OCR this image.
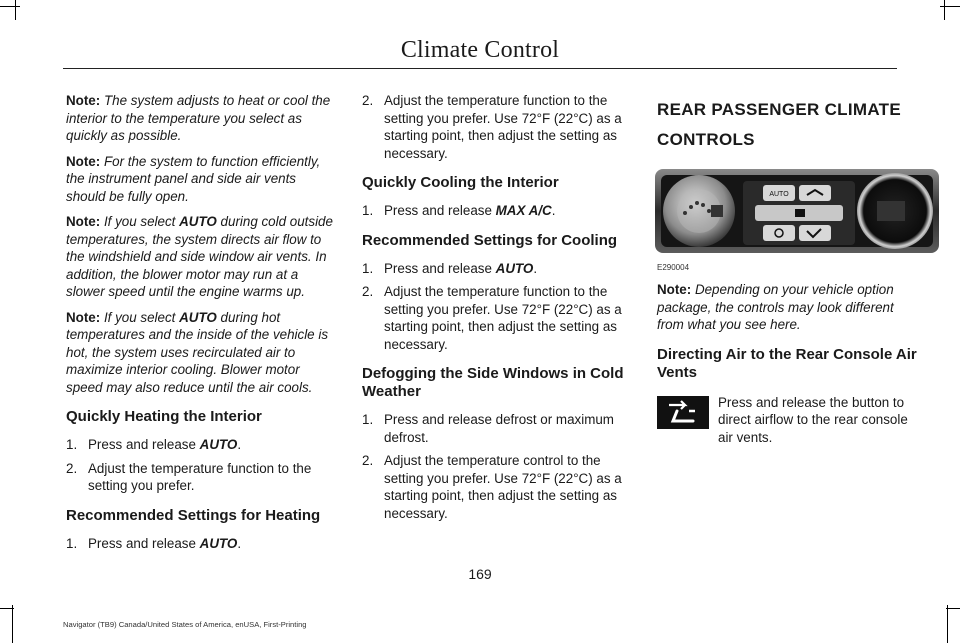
Climate Control

Note: The system adjusts to heat or cool the interior to the temperature you select as quickly as possible.

Note: For the system to function efficiently, the instrument panel and side air vents should be fully open.

Note: If you select AUTO during cold outside temperatures, the system directs air flow to the windshield and side window air vents. In addition, the blower motor may run at a slower speed until the engine warms up.

Note: If you select AUTO during hot temperatures and the inside of the vehicle is hot, the system uses recirculated air to maximize interior cooling. Blower motor speed may also reduce until the air cools.

Quickly Heating the Interior
1. Press and release AUTO.
2. Adjust the temperature function to the setting you prefer.
Recommended Settings for Heating
1. Press and release AUTO.
2. Adjust the temperature function to the setting you prefer. Use 72°F (22°C) as a starting point, then adjust the setting as necessary.
Quickly Cooling the Interior
1. Press and release MAX A/C.
Recommended Settings for Cooling
1. Press and release AUTO.
2. Adjust the temperature function to the setting you prefer. Use 72°F (22°C) as a starting point, then adjust the setting as necessary.
Defogging the Side Windows in Cold Weather
1. Press and release defrost or maximum defrost.
2. Adjust the temperature control to the setting you prefer. Use 72°F (22°C) as a starting point, then adjust the setting as necessary.
REAR PASSENGER CLIMATE
CONTROLS
AUTO
E290004

Note: Depending on your vehicle option package, the controls may look different from what you see here.

Directing Air to the Rear Console Air Vents
Press and release the button to direct airflow to the rear console air vents.
169
Navigator (TB9) Canada/United States of America, enUSA, First-Printing
